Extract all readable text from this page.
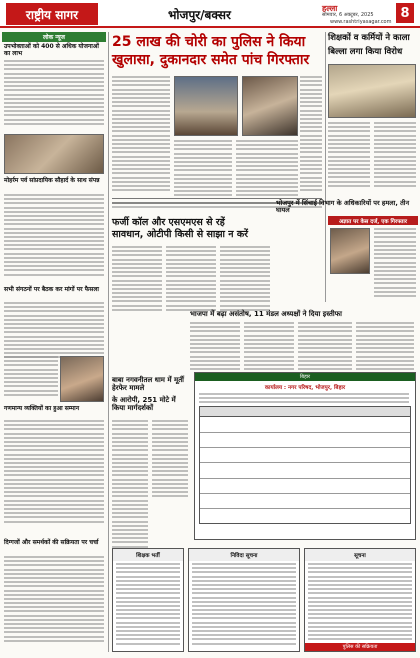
राष्ट्रीय सागर	भोजपुर/बक्सर	हल्ला
सोमवार, 6 अक्टूबर, 2025
www.rashtriyasagar.com
8
लोक न्यूज
उपभोक्ताओं को 400 से अधिक योजनाओं का लाभ
मोहर्रम पर्व सांप्रदायिक सौहार्द के साथ संपन्न
सभी संगठनों पर बैठक कर मांगों पर फैसला
गणमान्य व्यक्तियों का हुआ सम्मान
दिग्गजों और समर्थकों की सक्रियता पर चर्चा
25 लाख की चोरी का पुलिस ने किया
खुलासा, दुकानदार समेत पांच गिरफ्तार
फर्जी कॉल और एसएमएस से रहें
सावधान, ओटीपी किसी से साझा न करें
भाजपा में बढ़ा असंतोष, 11 मंडल अध्यक्षों ने दिया इस्तीफा
बाबा नगवनीतल धाम में मूर्ती हेरफेर मामले
के आरोपी, 251 मोटे में किया मार्गदर्शकों
शिक्षकों व कर्मियों ने काला
बिल्ला लगा किया विरोध
भोजपुर में सिंचाई विभाग के अधिकारियों पर हमला, तीन घायल
अज्ञात पर केस दर्ज, एक गिरफ्तार
बिहार
कार्यालय : नगर परिषद, भोजपुर, बिहार
शिक्षक भर्ती	निविदा सूचना	सूचना
पुलिस की सक्रियता
